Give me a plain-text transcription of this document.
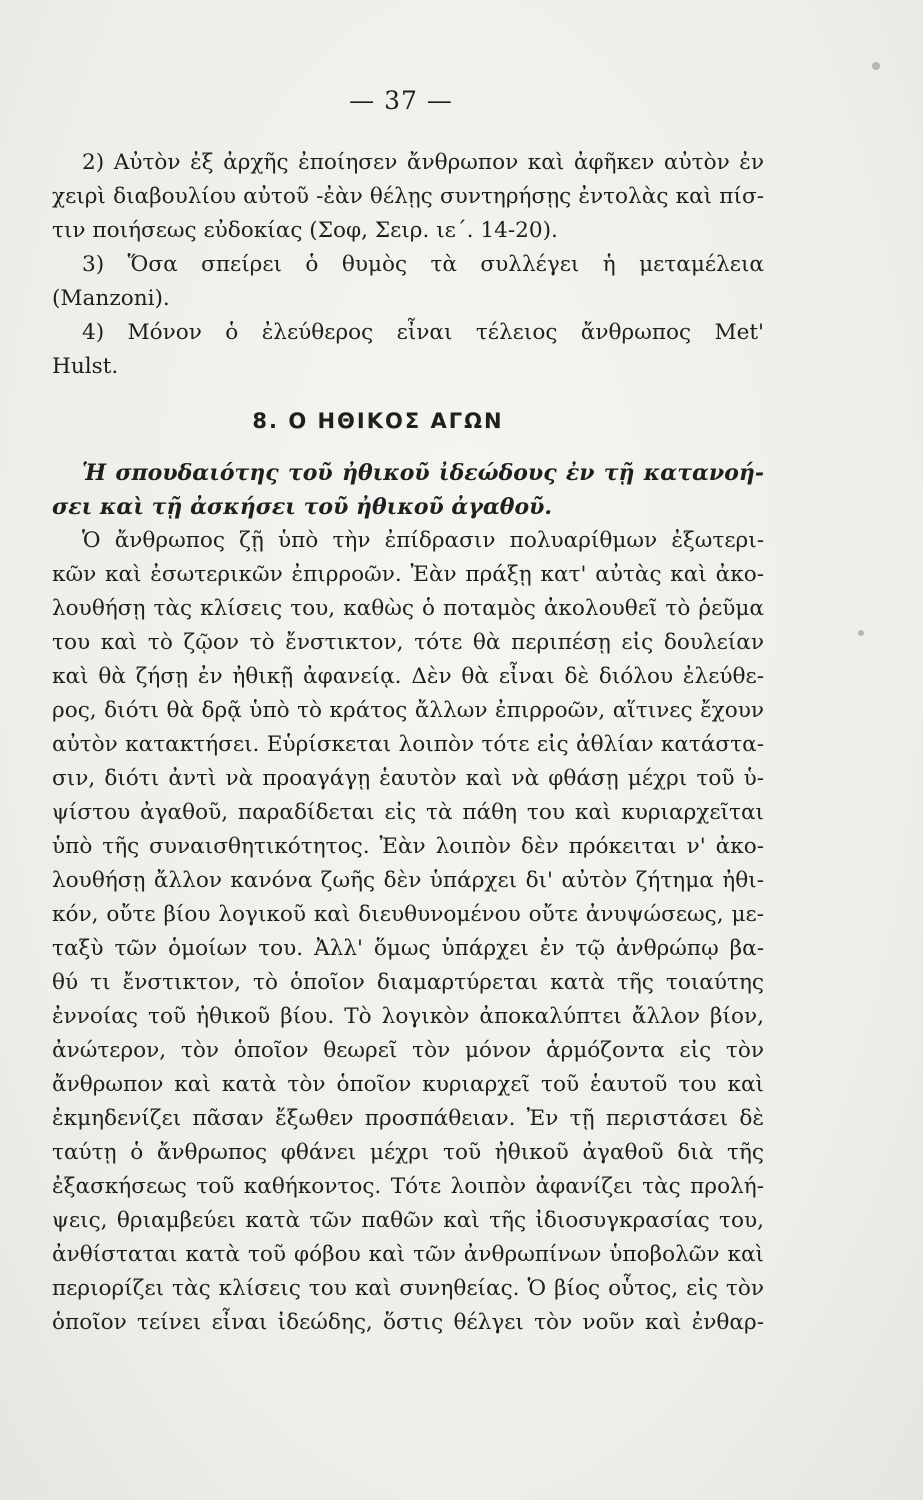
— 37 —
2) Αὐτὸν ἐξ ἀρχῆς ἐποίησεν ἄνθρωπον καὶ ἀφῆκεν αὐτὸν ἐν
χειρὶ διαβουλίου αὐτοῦ -ἐὰν θέλῃς συντηρήσῃς ἐντολὰς καὶ πίσ-
τιν ποιήσεως εὐδοκίας (Σοφ, Σειρ. ιε΄. 14-20).
3) Ὅσα σπείρει ὁ θυμὸς τὰ συλλέγει ἡ μεταμέλεια
(Manzoni).
4) Μόνον ὁ ἐλεύθερος εἶναι τέλειος ἄνθρωπος Met'
Hulst.
8. Ο ΗΘΙΚΟΣ ΑΓΩΝ
Ἡ σπουδαιότης τοῦ ἠθικοῦ ἰδεώδους ἐν τῇ κατανοή-
σει καὶ τῇ ἀσκήσει τοῦ ἠθικοῦ ἀγαθοῦ.
Ὁ ἄνθρωπος ζῇ ὑπὸ τὴν ἐπίδρασιν πολυαρίθμων ἐξωτερι-
κῶν καὶ ἐσωτερικῶν ἐπιρροῶν. Ἐὰν πράξῃ κατ' αὐτὰς καὶ ἀκο-
λουθήσῃ τὰς κλίσεις του, καθὼς ὁ ποταμὸς ἀκολουθεῖ τὸ ῥεῦμα
του καὶ τὸ ζῷον τὸ ἔνστικτον, τότε θὰ περιπέσῃ εἰς δουλείαν
καὶ θὰ ζήσῃ ἐν ἠθικῇ ἀφανείᾳ. Δὲν θὰ εἶναι δὲ διόλου ἐλεύθε-
ρος, διότι θὰ δρᾷ ὑπὸ τὸ κράτος ἄλλων ἐπιρροῶν, αἵτινες ἔχουν
αὐτὸν κατακτήσει. Εὑρίσκεται λοιπὸν τότε εἰς ἀθλίαν κατάστα-
σιν, διότι ἀντὶ νὰ προαγάγῃ ἑαυτὸν καὶ νὰ φθάσῃ μέχρι τοῦ ὑ-
ψίστου ἀγαθοῦ, παραδίδεται εἰς τὰ πάθη του καὶ κυριαρχεῖται
ὑπὸ τῆς συναισθητικότητος. Ἐὰν λοιπὸν δὲν πρόκειται ν' ἀκο-
λουθήσῃ ἄλλον κανόνα ζωῆς δὲν ὑπάρχει δι' αὐτὸν ζήτημα ἠθι-
κόν, οὔτε βίου λογικοῦ καὶ διευθυνομένου οὔτε ἀνυψώσεως, με-
ταξὺ τῶν ὁμοίων του. Ἀλλ' ὅμως ὑπάρχει ἐν τῷ ἀνθρώπῳ βα-
θύ τι ἔνστικτον, τὸ ὁποῖον διαμαρτύρεται κατὰ τῆς τοιαύτης
ἐννοίας τοῦ ἠθικοῦ βίου. Τὸ λογικὸν ἀποκαλύπτει ἄλλον βίον,
ἀνώτερον, τὸν ὁποῖον θεωρεῖ τὸν μόνον ἁρμόζοντα εἰς τὸν
ἄνθρωπον καὶ κατὰ τὸν ὁποῖον κυριαρχεῖ τοῦ ἑαυτοῦ του καὶ
ἐκμηδενίζει πᾶσαν ἔξωθεν προσπάθειαν. Ἐν τῇ περιστάσει δὲ
ταύτῃ ὁ ἄνθρωπος φθάνει μέχρι τοῦ ἠθικοῦ ἀγαθοῦ διὰ τῆς
ἐξασκήσεως τοῦ καθήκοντος. Τότε λοιπὸν ἀφανίζει τὰς προλή-
ψεις, θριαμβεύει κατὰ τῶν παθῶν καὶ τῆς ἰδιοσυγκρασίας του,
ἀνθίσταται κατὰ τοῦ φόβου καὶ τῶν ἀνθρωπίνων ὑποβολῶν καὶ
περιορίζει τὰς κλίσεις του καὶ συνηθείας. Ὁ βίος οὗτος, εἰς τὸν
ὁποῖον τείνει εἶναι ἰδεώδης, ὅστις θέλγει τὸν νοῦν καὶ ἐνθαρ-
